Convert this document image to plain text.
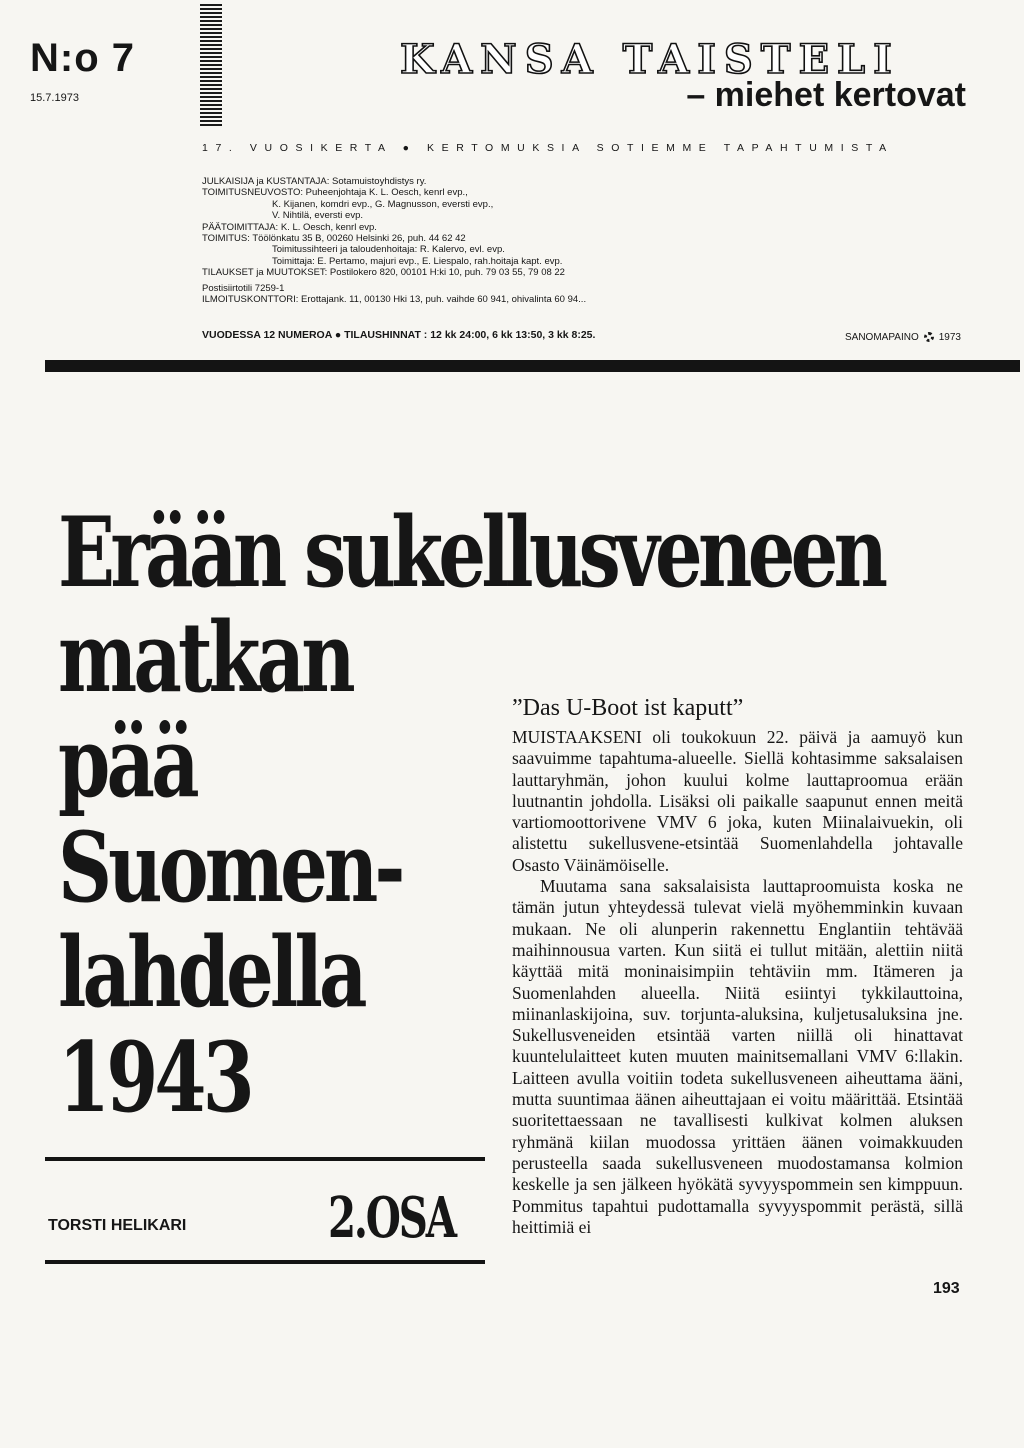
N:o 7
15.7.1973
KANSA TAISTELI
– miehet kertovat
17. VUOSIKERTA ● KERTOMUKSIA SOTIEMME TAPAHTUMISTA
JULKAISIJA ja KUSTANTAJA: Sotamuistoyhdistys ry.
TOIMITUSNEUVOSTO: Puheenjohtaja K. L. Oesch, kenrl evp.,
K. Kijanen, komdri evp., G. Magnusson, eversti evp.,
V. Nihtilä, eversti evp.
PÄÄTOIMITTAJA: K. L. Oesch, kenrl evp.
TOIMITUS: Töölönkatu 35 B, 00260 Helsinki 26, puh. 44 62 42
Toimitussihteeri ja taloudenhoitaja: R. Kalervo, evl. evp.
Toimittaja: E. Pertamo, majuri evp., E. Liespalo, rah.hoitaja kapt. evp.
TILAUKSET ja MUUTOKSET: Postilokero 820, 00101 H:ki 10, puh. 79 03 55, 79 08 22
Postisiirtotili 7259-1
ILMOITUSKONTTORI: Erottajank. 11, 00130 Hki 13, puh. vaihde 60 941, ohivalinta 60 94...
VUODESSA 12 NUMEROA ● TILAUSHINNAT : 12 kk 24:00, 6 kk 13:50, 3 kk 8:25.	SANOMAPAINO 1973
Erään sukellusveneen
matkan
pää
Suomen-
lahdella
1943
TORSTI HELIKARI	2.OSA
”Das U-Boot ist kaputt”

MUISTAAKSENI oli toukokuun 22. päivä ja aamuyö kun saavuimme tapahtuma-alueelle. Siellä kohtasimme saksalaisen lauttaryhmän, johon kuului kolme lauttaproomua erään luutnantin johdolla. Lisäksi oli paikalle saapunut ennen meitä vartiomoottorivene VMV 6 joka, kuten Miinalaivuekin, oli alistettu sukellusvene-etsintää Suomenlahdella johtavalle Osasto Väinämöiselle.

Muutama sana saksalaisista lauttaproomuista koska ne tämän jutun yhteydessä tulevat vielä myöhemminkin kuvaan mukaan. Ne oli alunperin rakennettu Englantiin tehtävää maihinnousua varten. Kun siitä ei tullut mitään, alettiin niitä käyttää mitä moninaisimpiin tehtäviin mm. Itämeren ja Suomenlahden alueella. Niitä esiintyi tykkilauttoina, miinanlaskijoina, suv. torjunta-aluksina, kuljetusaluksina jne. Sukellusveneiden etsintää varten niillä oli hinattavat kuuntelulaitteet kuten muuten mainitsemallani VMV 6:llakin. Laitteen avulla voitiin todeta sukellusveneen aiheuttama ääni, mutta suuntimaa äänen aiheuttajaan ei voitu määrittää. Etsintää suoritettaessaan ne tavallisesti kulkivat kolmen aluksen ryhmänä kiilan muodossa yrittäen äänen voimakkuuden perusteella saada sukellusveneen muodostamansa kolmion keskelle ja sen jälkeen hyökätä syvyyspommein sen kimppuun. Pommitus tapahtui pudottamalla syvyyspommit perästä, sillä heittimiä ei

193
